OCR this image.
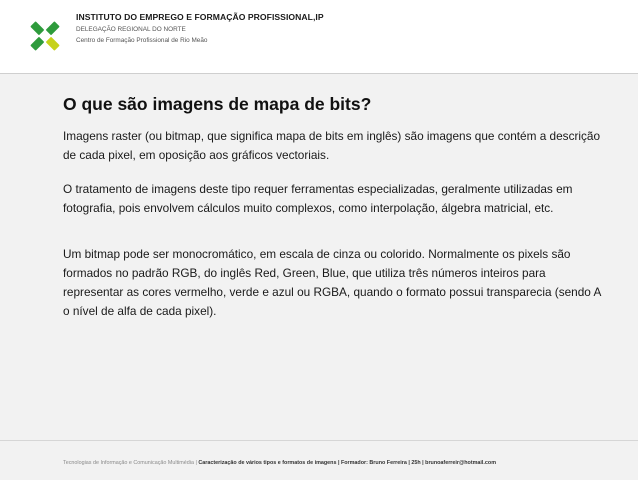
INSTITUTO DO EMPREGO E FORMAÇÃO PROFISSIONAL,IP
DELEGAÇÃO REGIONAL DO NORTE
Centro de Formação Profissional de Rio Meão
O que são imagens de mapa de bits?
Imagens raster (ou bitmap, que significa mapa de bits em inglês) são imagens que contém a descrição de cada pixel, em oposição aos gráficos vectoriais.
O tratamento de imagens deste tipo requer ferramentas especializadas, geralmente utilizadas em fotografia, pois envolvem cálculos muito complexos, como interpolação, álgebra matricial, etc.
Um bitmap pode ser monocromático, em escala de cinza ou colorido. Normalmente os pixels são formados no padrão RGB, do inglês Red, Green, Blue, que utiliza três números inteiros para representar as cores vermelho, verde e azul ou RGBA, quando o formato possui transparecia (sendo A o nível de alfa de cada pixel).
Tecnologias de Informação e Comunicação Multimédia | Caracterização de vários tipos e formatos de imagens | Formador: Bruno Ferreira | 25h | brunoaferreir@hotmail.com
